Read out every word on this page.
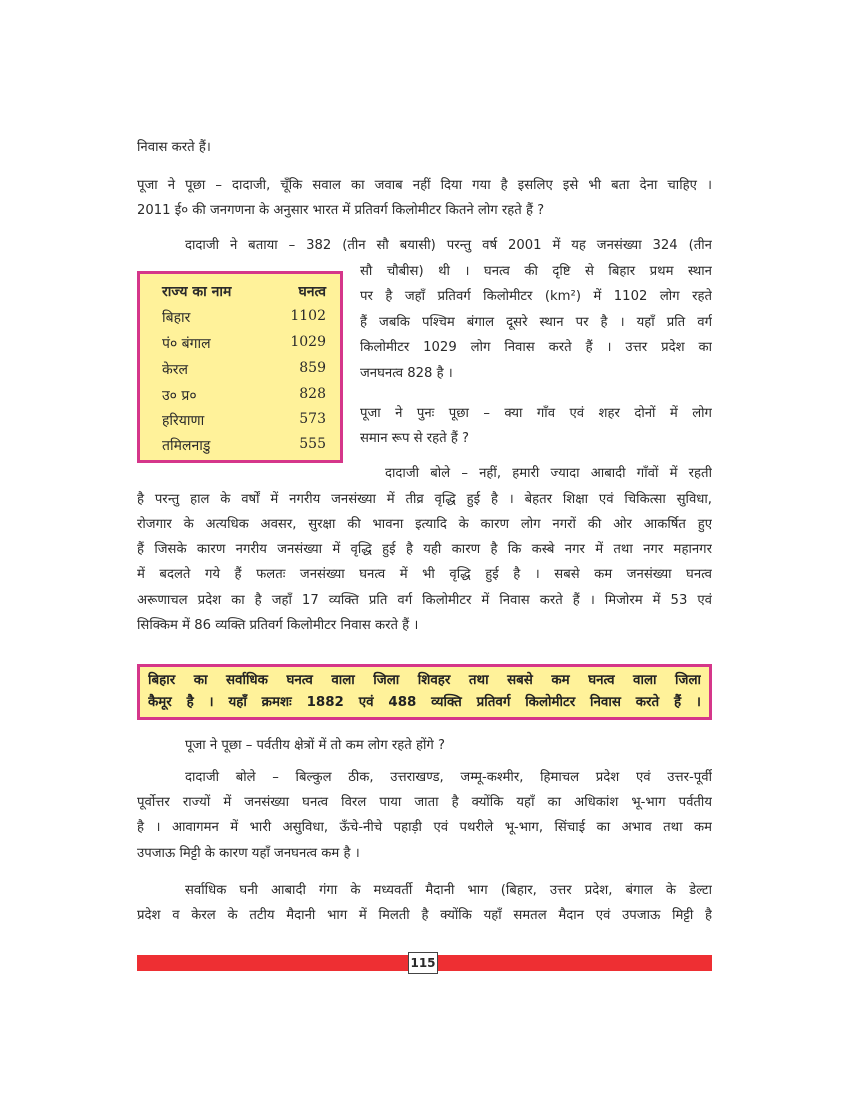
निवास करते हैं।
पूजा ने पूछा – दादाजी, चूँकि सवाल का जवाब नहीं दिया गया है इसलिए इसे भी बता देना चाहिए ।
2011 ई० की जनगणना के अनुसार भारत में प्रतिवर्ग किलोमीटर कितने लोग रहते हैं ?
दादाजी ने बताया – 382 (तीन सौ बयासी) परन्तु वर्ष 2001 में यह जनसंख्या 324 (तीन
सौ चौबीस) थी । घनत्व की दृष्टि से बिहार प्रथम स्थान
पर है जहाँ प्रतिवर्ग किलोमीटर (km²) में 1102 लोग रहते
हैं जबकि पश्चिम बंगाल दूसरे स्थान पर है । यहाँ प्रति वर्ग
किलोमीटर 1029 लोग निवास करते हैं । उत्तर प्रदेश का
जनघनत्व 828 है ।
पूजा ने पुनः पूछा – क्या गाँव एवं शहर दोनों में लोग
समान रूप से रहते हैं ?
दादाजी बोले – नहीं, हमारी ज्यादा आबादी गाँवों में रहती
राज्य का नाम	घनत्व
बिहार	1102
पं० बंगाल	1029
केरल	859
उ० प्र०	828
हरियाणा	573
तमिलनाडु	555
है परन्तु हाल के वर्षों में नगरीय जनसंख्या में तीव्र वृद्धि हुई है । बेहतर शिक्षा एवं चिकित्सा सुविधा,
रोजगार के अत्यधिक अवसर, सुरक्षा की भावना इत्यादि के कारण लोग नगरों की ओर आकर्षित हुए
हैं जिसके कारण नगरीय जनसंख्या में वृद्धि हुई है यही कारण है कि कस्बे नगर में तथा नगर महानगर
में बदलते गये हैं फलतः जनसंख्या घनत्व में भी वृद्धि हुई है । सबसे कम जनसंख्या घनत्व
अरूणाचल प्रदेश का है जहाँ 17 व्यक्ति प्रति वर्ग किलोमीटर में निवास करते हैं । मिजोरम में 53 एवं
सिक्किम में 86 व्यक्ति प्रतिवर्ग किलोमीटर निवास करते हैं ।
बिहार का सर्वाधिक घनत्व वाला जिला शिवहर तथा सबसे कम घनत्व वाला जिला
कैमूर है । यहाँ क्रमशः 1882 एवं 488 व्यक्ति प्रतिवर्ग किलोमीटर निवास करते हैं ।
पूजा ने पूछा – पर्वतीय क्षेत्रों में तो कम लोग रहते होंगे ?
दादाजी बोले – बिल्कुल ठीक, उत्तराखण्ड, जम्मू-कश्मीर, हिमाचल प्रदेश एवं उत्तर-पूर्वी
पूर्वोत्तर राज्यों में जनसंख्या घनत्व विरल पाया जाता है क्योंकि यहाँ का अधिकांश भू-भाग पर्वतीय
है । आवागमन में भारी असुविधा, ऊँचे-नीचे पहाड़ी एवं पथरीले भू-भाग, सिंचाई का अभाव तथा कम
उपजाऊ मिट्टी के कारण यहाँ जनघनत्व कम है ।
सर्वाधिक घनी आबादी गंगा के मध्यवर्ती मैदानी भाग (बिहार, उत्तर प्रदेश, बंगाल के डेल्टा
प्रदेश व केरल के तटीय मैदानी भाग में मिलती है क्योंकि यहाँ समतल मैदान एवं उपजाऊ मिट्टी है
115
